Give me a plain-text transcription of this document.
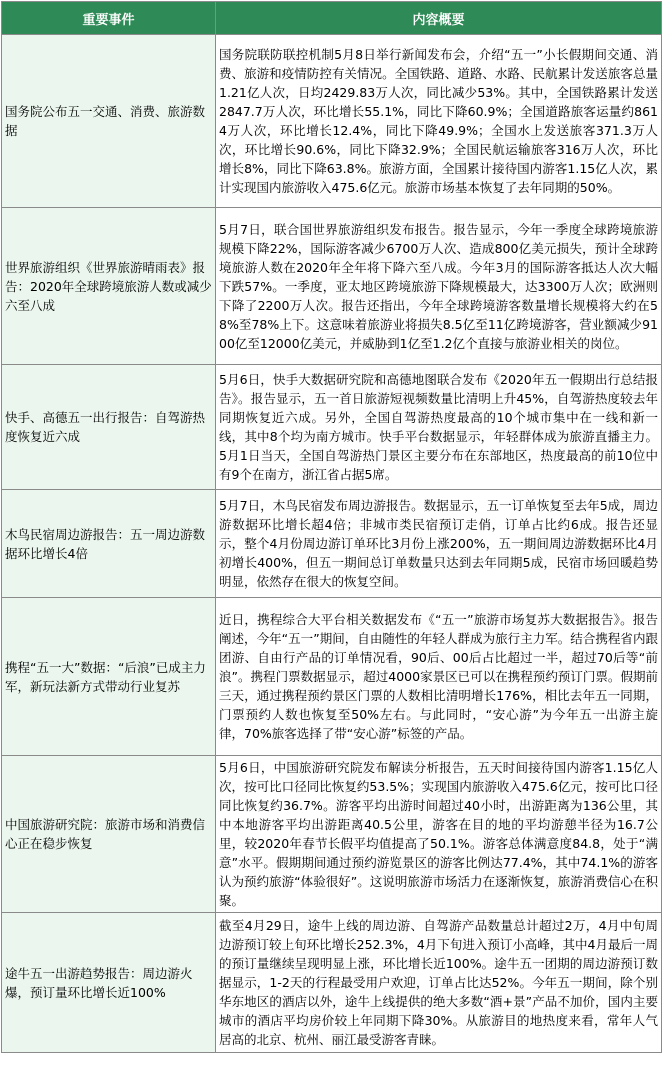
重要事件	内容概要
国务院公布五一交通、消费、旅游数据	国务院联防联控机制5月8日举行新闻发布会，介绍“五一”小长假期间交通、消费、旅游和疫情防控有关情况。全国铁路、道路、水路、民航累计发送旅客总量1.21亿人次，日均2429.83万人次，同比减少53%。其中，全国铁路累计发送2847.7万人次，环比增长55.1%，同比下降60.9%；全国道路旅客运量约8614万人次，环比增长12.4%，同比下降49.9%；全国水上发送旅客371.3万人次，环比增长90.6%，同比下降32.9%；全国民航运输旅客316万人次，环比增长8%，同比下降63.8%。旅游方面，全国累计接待国内游客1.15亿人次，累计实现国内旅游收入475.6亿元。旅游市场基本恢复了去年同期的50%。
世界旅游组织《世界旅游晴雨表》报告：2020年全球跨境旅游人数或减少六至八成	5月7日，联合国世界旅游组织发布报告。报告显示，今年一季度全球跨境旅游规模下降22%，国际游客减少6700万人次、造成800亿美元损失，预计全球跨境旅游人数在2020年全年将下降六至八成。今年3月的国际游客抵达人次大幅下跌57%。一季度，亚太地区跨境旅游下降规模最大，达3300万人次；欧洲则下降了2200万人次。报告还指出，今年全球跨境游客数量增长规模将大约在58%至78%上下。这意味着旅游业将损失8.5亿至11亿跨境游客，营业额减少9100亿至12000亿美元，并威胁到1亿至1.2亿个直接与旅游业相关的岗位。
快手、高德五一出行报告：自驾游热度恢复近六成	5月6日，快手大数据研究院和高德地图联合发布《2020年五一假期出行总结报告》。报告显示，五一首日旅游短视频数量比清明上升45%，自驾游热度较去年同期恢复近六成。另外，全国自驾游热度最高的10个城市集中在一线和新一线，其中8个均为南方城市。快手平台数据显示，年轻群体成为旅游直播主力。5月1日当天，全国自驾游热门景区主要分布在东部地区，热度最高的前10位中有9个在南方，浙江省占据5席。
木鸟民宿周边游报告：五一周边游数据环比增长4倍	5月7日，木鸟民宿发布周边游报告。数据显示，五一订单恢复至去年5成，周边游数据环比增长超4倍；非城市类民宿预订走俏，订单占比约6成。报告还显示，整个4月份周边游订单环比3月份上涨200%，五一期间周边游数据环比4月初增长400%，但五一期间总订单数量只达到去年同期5成，民宿市场回暖趋势明显，依然存在很大的恢复空间。
携程“五一大”数据：“后浪”已成主力军，新玩法新方式带动行业复苏	近日，携程综合大平台相关数据发布《“五一”旅游市场复苏大数据报告》。报告阐述，今年“五一”期间，自由随性的年轻人群成为旅行主力军。结合携程省内跟团游、自由行产品的订单情况看，90后、00后占比超过一半，超过70后等“前浪”。携程门票数据显示，超过4000家景区已可以在携程预约预订门票。假期前三天，通过携程预约景区门票的人数相比清明增长176%，相比去年五一同期，门票预约人数也恢复至50%左右。与此同时，“安心游”为今年五一出游主旋律，70%旅客选择了带“安心游”标签的产品。
中国旅游研究院：旅游市场和消费信心正在稳步恢复	5月6日，中国旅游研究院发布解读分析报告，五天时间接待国内游客1.15亿人次，按可比口径同比恢复约53.5%；实现国内旅游收入475.6亿元，按可比口径同比恢复约36.7%。游客平均出游时间超过40小时，出游距离为136公里，其中本地游客平均出游距离40.5公里，游客在目的地的平均游憩半径为16.7公里，较2020年春节长假平均值提高了50.1%。游客总体满意度84.8，处于“满意”水平。假期期间通过预约游览景区的游客比例达77.4%，其中74.1%的游客认为预约旅游“体验很好”。这说明旅游市场活力在逐渐恢复，旅游消费信心在积聚。
途牛五一出游趋势报告：周边游火爆，预订量环比增长近100%	截至4月29日，途牛上线的周边游、自驾游产品数量总计超过2万，4月中旬周边游预订较上旬环比增长252.3%，4月下旬进入预订小高峰，其中4月最后一周的预订量继续呈现明显上涨，环比增长近100%。途牛五一团期的周边游预订数据显示，1-2天的行程最受用户欢迎，订单占比达52%。今年五一期间，除个别华东地区的酒店以外，途牛上线提供的绝大多数“酒+景”产品不加价，国内主要城市的酒店平均房价较上年同期下降30%。从旅游目的地热度来看，常年人气居高的北京、杭州、丽江最受游客青睐。
